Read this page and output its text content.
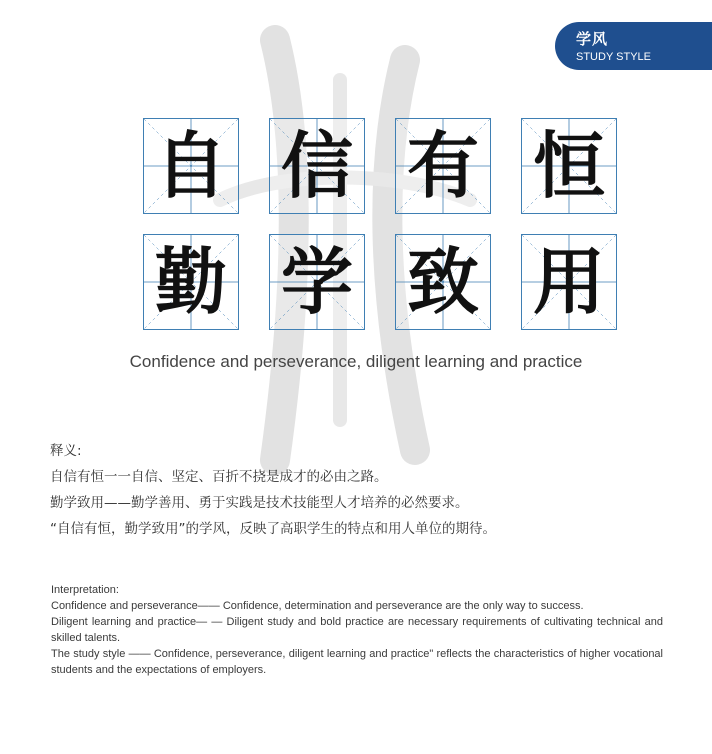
学风
STUDY STYLE
自 信 有 恒
勤 学 致 用
Confidence and perseverance, diligent learning and practice

释义:

自信有恒一一自信、坚定、百折不挠是成才的必由之路。

勤学致用——勤学善用、勇于实践是技术技能型人才培养的必然要求。

“自信有恒，勤学致用”的学风，反映了高职学生的特点和用人单位的期待。

Interpretation:

Confidence and perseverance—— Confidence, determination and perseverance are the only way to success.

Diligent learning and practice— — Diligent study and bold practice are necessary requirements of cultivating technical and skilled talents.

The study style —— Confidence, perseverance, diligent learning and practice" reflects the characteristics of higher vocational students and the expectations of employers.
